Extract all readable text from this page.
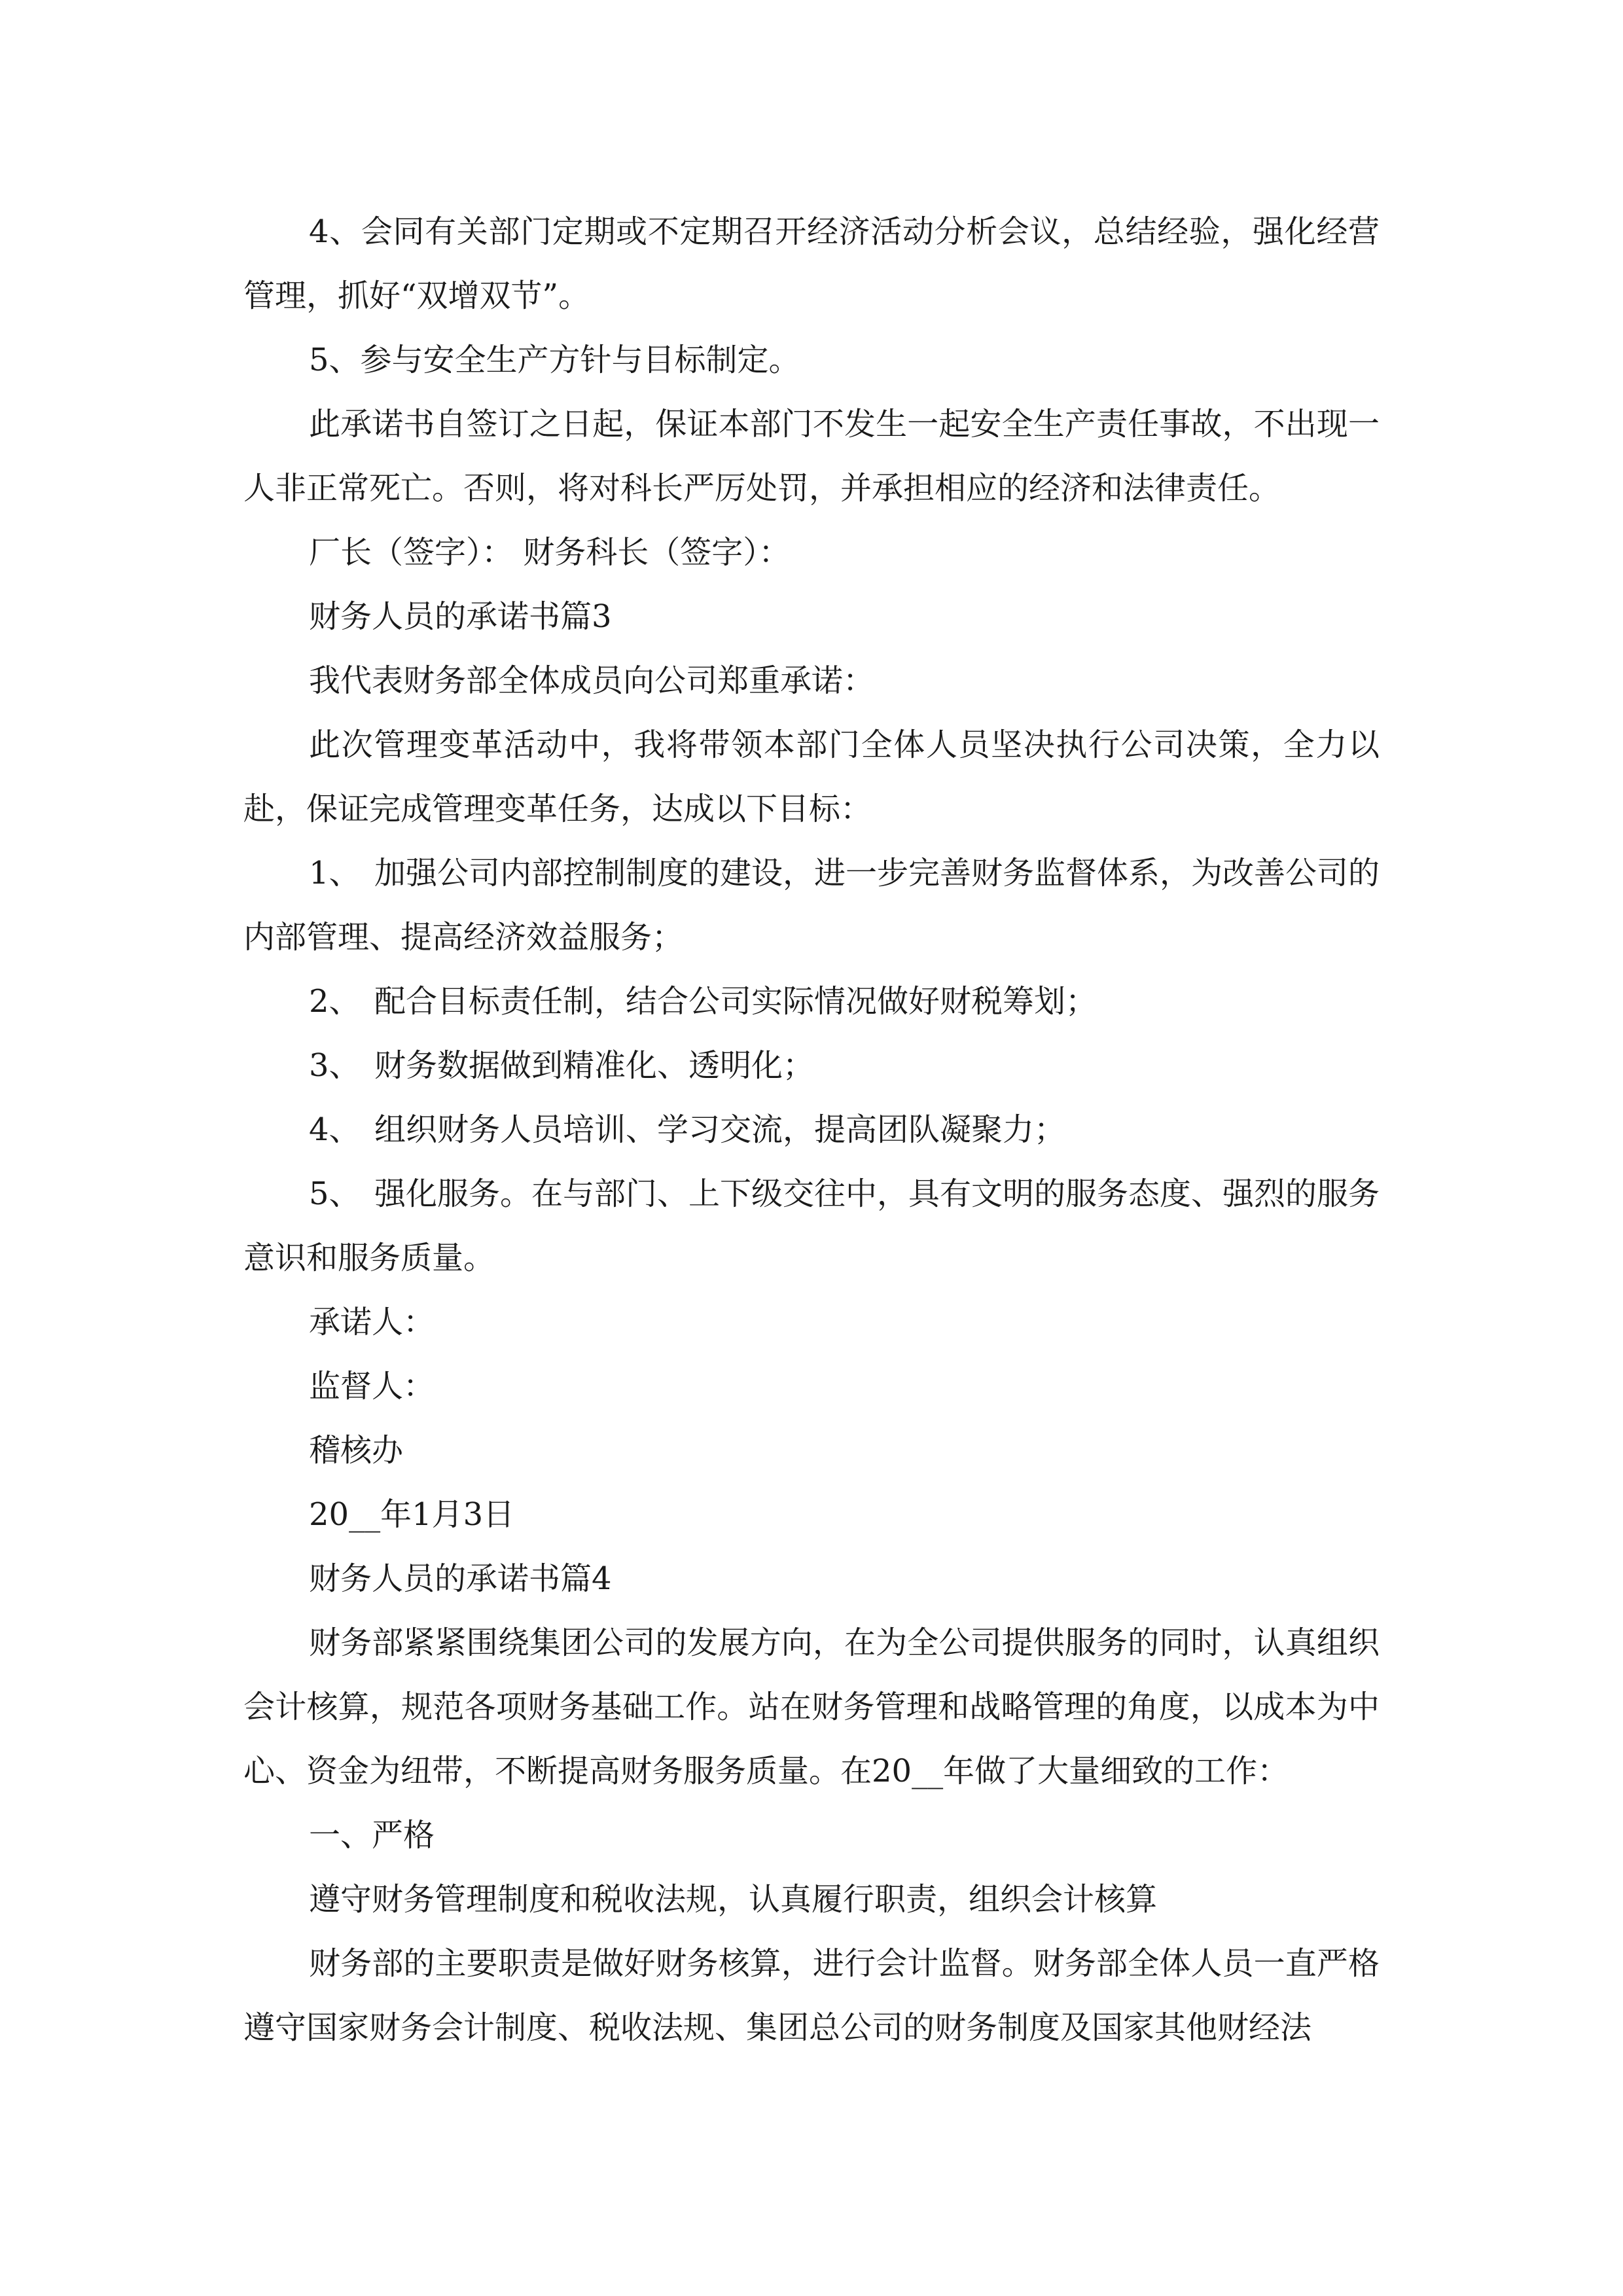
4、会同有关部门定期或不定期召开经济活动分析会议，总结经验，强化经营管理，抓好“双增双节”。

5、参与安全生产方针与目标制定。

此承诺书自签订之日起，保证本部门不发生一起安全生产责任事故，不出现一人非正常死亡。否则，将对科长严厉处罚，并承担相应的经济和法律责任。

厂长（签字）： 财务科长（签字）：

财务人员的承诺书篇3

我代表财务部全体成员向公司郑重承诺：

此次管理变革活动中，我将带领本部门全体人员坚决执行公司决策，全力以赴，保证完成管理变革任务，达成以下目标：

1、 加强公司内部控制制度的建设，进一步完善财务监督体系，为改善公司的内部管理、提高经济效益服务；

2、 配合目标责任制，结合公司实际情况做好财税筹划；

3、 财务数据做到精准化、透明化；

4、 组织财务人员培训、学习交流，提高团队凝聚力；

5、 强化服务。在与部门、上下级交往中，具有文明的服务态度、强烈的服务意识和服务质量。

承诺人：

监督人：

稽核办

20__年1月3日

财务人员的承诺书篇4

财务部紧紧围绕集团公司的发展方向，在为全公司提供服务的同时，认真组织会计核算，规范各项财务基础工作。站在财务管理和战略管理的角度，以成本为中心、资金为纽带，不断提高财务服务质量。在20__年做了大量细致的工作：

一、严格

遵守财务管理制度和税收法规，认真履行职责，组织会计核算

财务部的主要职责是做好财务核算，进行会计监督。财务部全体人员一直严格遵守国家财务会计制度、税收法规、集团总公司的财务制度及国家其他财经法
